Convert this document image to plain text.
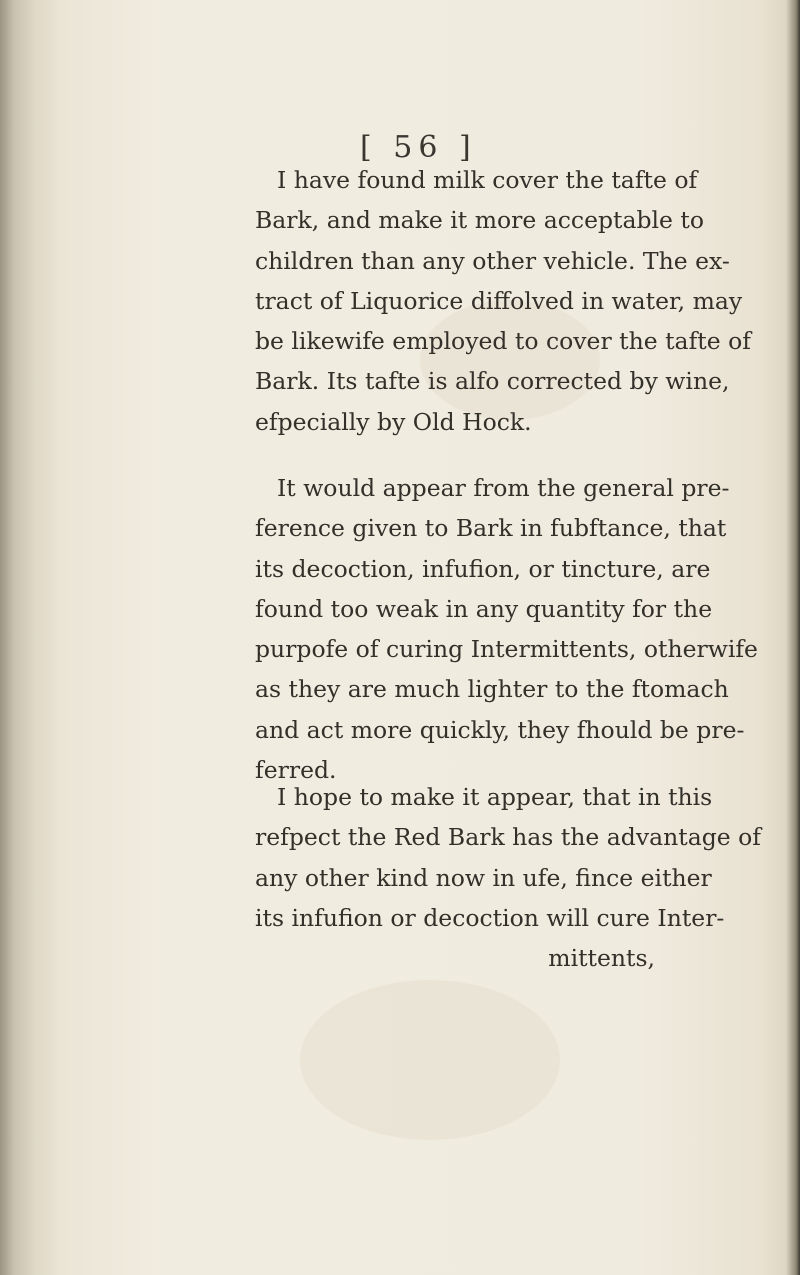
[ 56 ]
I have found milk cover the tafte of
Bark, and make it more acceptable to
children than any other vehicle. The ex-
tract of Liquorice diffolved in water, may
be likewife employed to cover the tafte of
Bark. Its tafte is alfo corrected by wine,
efpecially by Old Hock.
It would appear from the general pre-
ference given to Bark in fubftance, that
its decoction, infufion, or tincture, are
found too weak in any quantity for the
purpofe of curing Intermittents, otherwife
as they are much lighter to the ftomach
and act more quickly, they fhould be pre-
ferred.
I hope to make it appear, that in this
refpect the Red Bark has the advantage of
any other kind now in ufe, fince either
its infufion or decoction will cure Inter-
mittents,
